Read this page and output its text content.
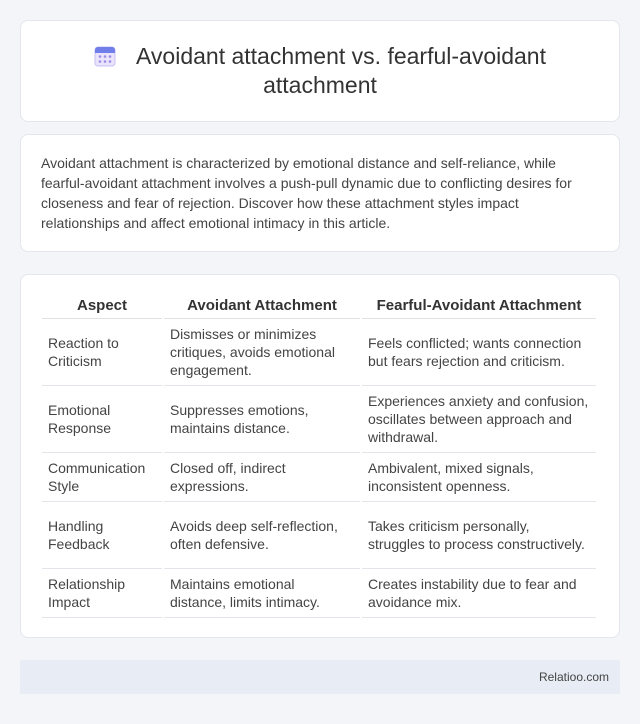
Avoidant attachment vs. fearful-avoidant attachment

Avoidant attachment is characterized by emotional distance and self-reliance, while fearful-avoidant attachment involves a push-pull dynamic due to conflicting desires for closeness and fear of rejection. Discover how these attachment styles impact relationships and affect emotional intimacy in this article.

Aspect	Avoidant Attachment	Fearful-Avoidant Attachment
Reaction to Criticism	Dismisses or minimizes critiques, avoids emotional engagement.	Feels conflicted; wants connection but fears rejection and criticism.
Emotional Response	Suppresses emotions, maintains distance.	Experiences anxiety and confusion, oscillates between approach and withdrawal.
Communication Style	Closed off, indirect expressions.	Ambivalent, mixed signals, inconsistent openness.
Handling Feedback	Avoids deep self-reflection, often defensive.	Takes criticism personally, struggles to process constructively.
Relationship Impact	Maintains emotional distance, limits intimacy.	Creates instability due to fear and avoidance mix.
Relatioo.com
